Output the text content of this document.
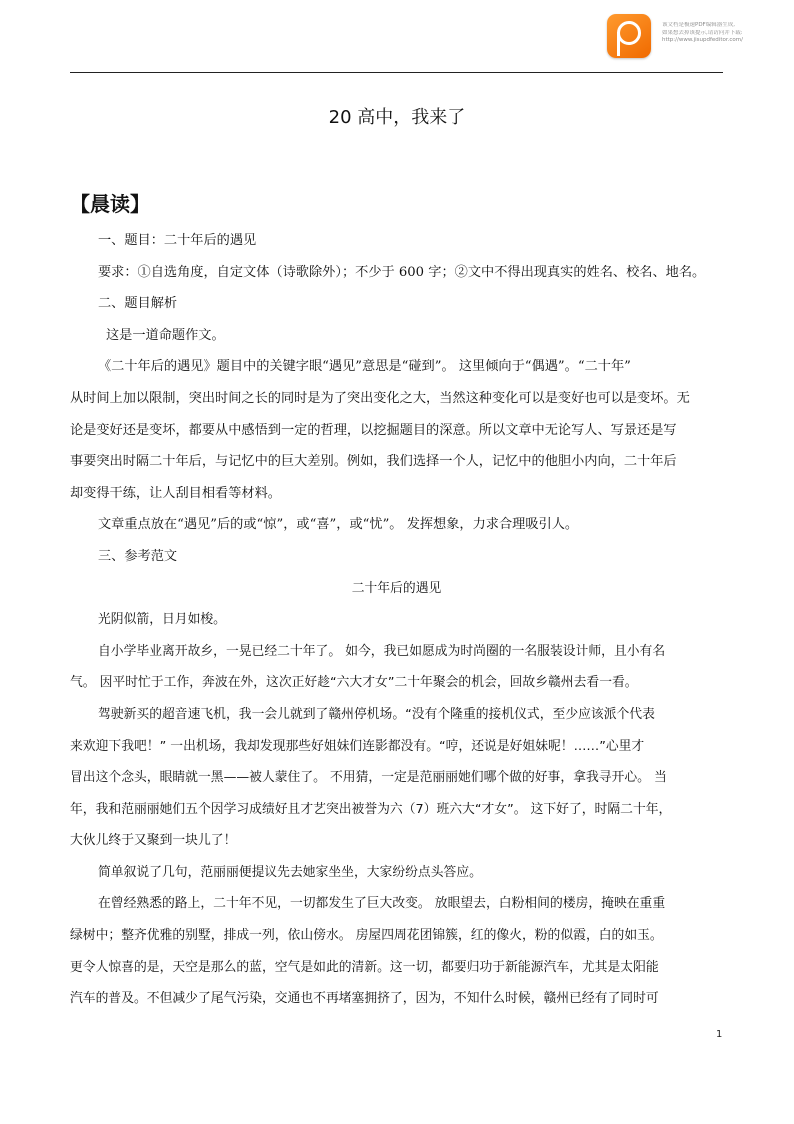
该文档是极速PDF编辑器生成,
如果想去掉该提示,请访问并下载:
http://www.jisupdfeditor.com/
20 高中，我来了
【晨读】

一、题目：二十年后的遇见

要求：①自选角度，自定文体（诗歌除外）；不少于 600 字；②文中不得出现真实的姓名、校名、地名。

二、题目解析

这是一道命题作文。

《二十年后的遇见》题目中的关键字眼“遇见”意思是“碰到”。 这里倾向于“偶遇”。“二十年”

从时间上加以限制，突出时间之长的同时是为了突出变化之大，当然这种变化可以是变好也可以是变坏。无

论是变好还是变坏，都要从中感悟到一定的哲理，以挖掘题目的深意。所以文章中无论写人、写景还是写

事要突出时隔二十年后，与记忆中的巨大差别。例如，我们选择一个人，记忆中的他胆小内向，二十年后

却变得干练，让人刮目相看等材料。

文章重点放在“遇见”后的或“惊”，或“喜”，或“忧”。 发挥想象，力求合理吸引人。

三、参考范文

二十年后的遇见

光阴似箭，日月如梭。

自小学毕业离开故乡，一晃已经二十年了。 如今，我已如愿成为时尚圈的一名服装设计师，且小有名

气。 因平时忙于工作，奔波在外，这次正好趁“六大才女”二十年聚会的机会，回故乡赣州去看一看。

驾驶新买的超音速飞机，我一会儿就到了赣州停机场。“没有个隆重的接机仪式，至少应该派个代表

来欢迎下我吧！” 一出机场，我却发现那些好姐妹们连影都没有。“哼，还说是好姐妹呢！……”心里才

冒出这个念头，眼睛就一黑——被人蒙住了。 不用猜，一定是范丽丽她们哪个做的好事，拿我寻开心。 当

年，我和范丽丽她们五个因学习成绩好且才艺突出被誉为六（7）班六大“才女”。 这下好了，时隔二十年，

大伙儿终于又聚到一块儿了！

简单叙说了几句，范丽丽便提议先去她家坐坐，大家纷纷点头答应。

在曾经熟悉的路上，二十年不见，一切都发生了巨大改变。 放眼望去，白粉相间的楼房，掩映在重重

绿树中；整齐优雅的别墅，排成一列，依山傍水。 房屋四周花团锦簇，红的像火，粉的似霞，白的如玉。

更令人惊喜的是，天空是那么的蓝，空气是如此的清新。这一切，都要归功于新能源汽车，尤其是太阳能

汽车的普及。不但减少了尾气污染，交通也不再堵塞拥挤了，因为，不知什么时候，赣州已经有了同时可

1
